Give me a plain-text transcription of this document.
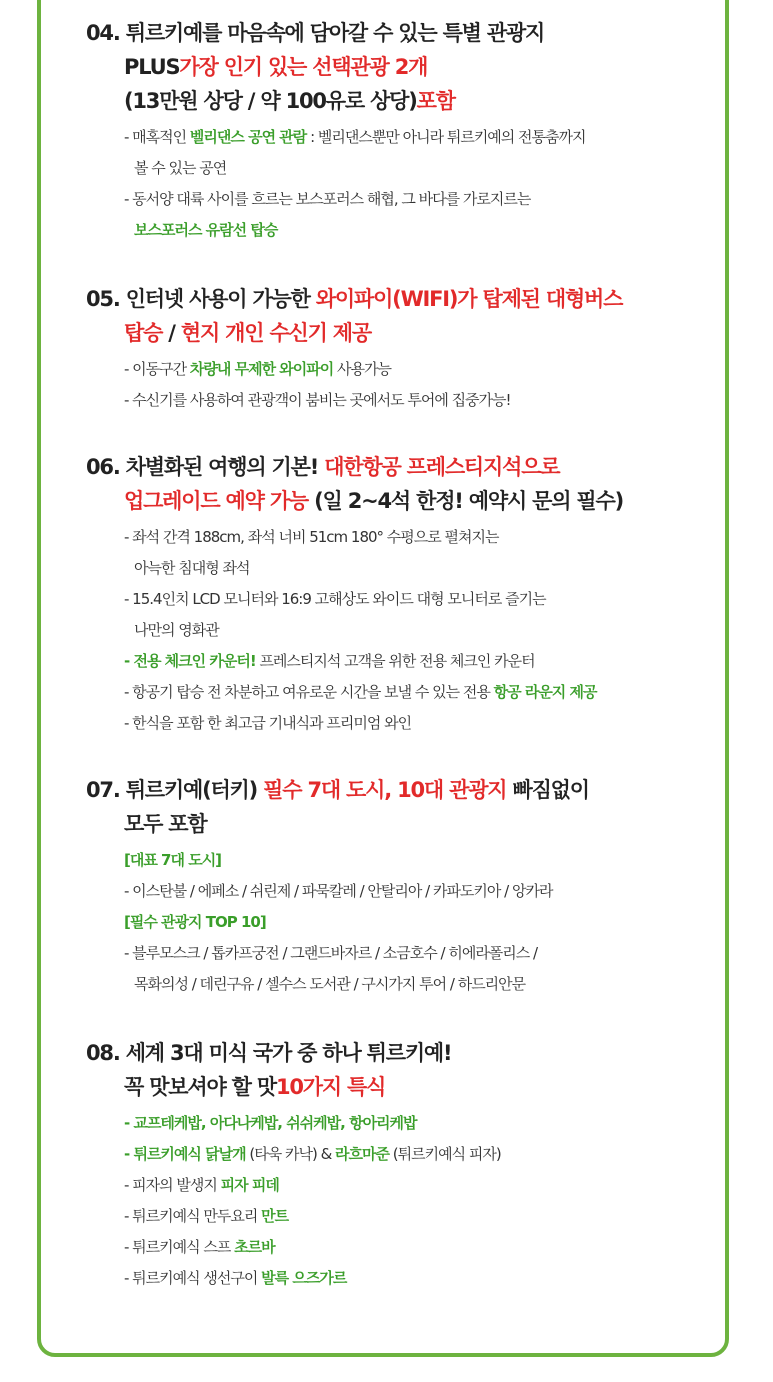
04. 튀르키예를 마음속에 담아갈 수 있는 특별 관광지
PLUS가장 인기 있는 선택관광 2개
(13만원 상당 / 약 100유로 상당)포함
- 매혹적인 벨리댄스 공연 관람 : 벨리댄스뿐만 아니라 튀르키예의 전통춤까지
볼 수 있는 공연
- 동서양 대륙 사이를 흐르는 보스포러스 해협, 그 바다를 가로지르는
보스포러스 유람선 탑승
05. 인터넷 사용이 가능한 와이파이(WIFI)가 탑제된 대형버스
탑승 / 현지 개인 수신기 제공
- 이동구간 차량내 무제한 와이파이 사용가능
- 수신기를 사용하여 관광객이 붐비는 곳에서도 투어에 집중가능!
06. 차별화된 여행의 기본! 대한항공 프레스티지석으로
업그레이드 예약 가능 (일 2~4석 한정! 예약시 문의 필수)
- 좌석 간격 188cm, 좌석 너비 51cm 180° 수평으로 펼쳐지는
아늑한 침대형 좌석
- 15.4인치 LCD 모니터와 16:9 고해상도 와이드 대형 모니터로 즐기는
나만의 영화관
- 전용 체크인 카운터! 프레스티지석 고객을 위한 전용 체크인 카운터
- 항공기 탑승 전 차분하고 여유로운 시간을 보낼 수 있는 전용 항공 라운지 제공
- 한식을 포함 한 최고급 기내식과 프리미엄 와인
07. 튀르키예(터키) 필수 7대 도시, 10대 관광지 빠짐없이
모두 포함
[대표 7대 도시]
- 이스탄불 / 에페소 / 쉬린제 / 파묵칼레 / 안탈리아 / 카파도키아 / 앙카라
[필수 관광지 TOP 10]
- 블루모스크 / 톱카프궁전 / 그랜드바자르 / 소금호수 / 히에라폴리스 /
목화의성 / 데린구유 / 셀수스 도서관 / 구시가지 투어 / 하드리안문
08. 세계 3대 미식 국가 중 하나 튀르키예!
꼭 맛보셔야 할 맛10가지 특식
- 교프테케밥, 아다나케밥, 쉬쉬케밥, 항아리케밥
- 튀르키예식 닭날개 (타욱 카낙) & 라흐마준 (튀르키예식 피자)
- 피자의 발생지 피자 피데
- 튀르키예식 만두요리 만트
- 튀르키예식 스프 초르바
- 튀르키예식 생선구이 발륵 으즈가르
